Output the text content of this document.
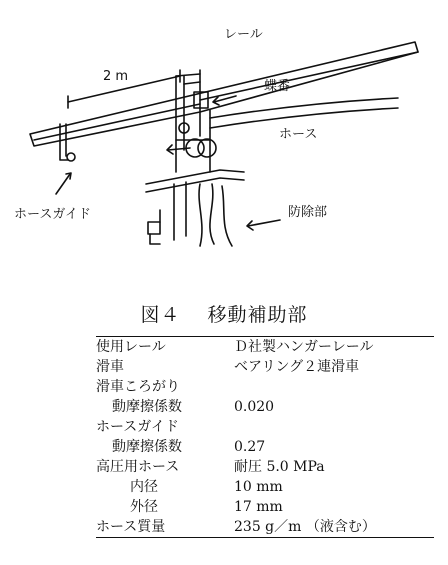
レール
2 m
蝶番
ホース
ホースガイド	防除部
図４　 移動補助部
使用レール	Ｄ社製ハンガーレール
滑車	ベアリング２連滑車
滑車ころがり	
動摩擦係数	0.020
ホースガイド	
動摩擦係数	0.27
高圧用ホース	耐圧 5.0 MPa
内径	10 mm
外径	17 mm
ホース質量	235 g／m （液含む）
